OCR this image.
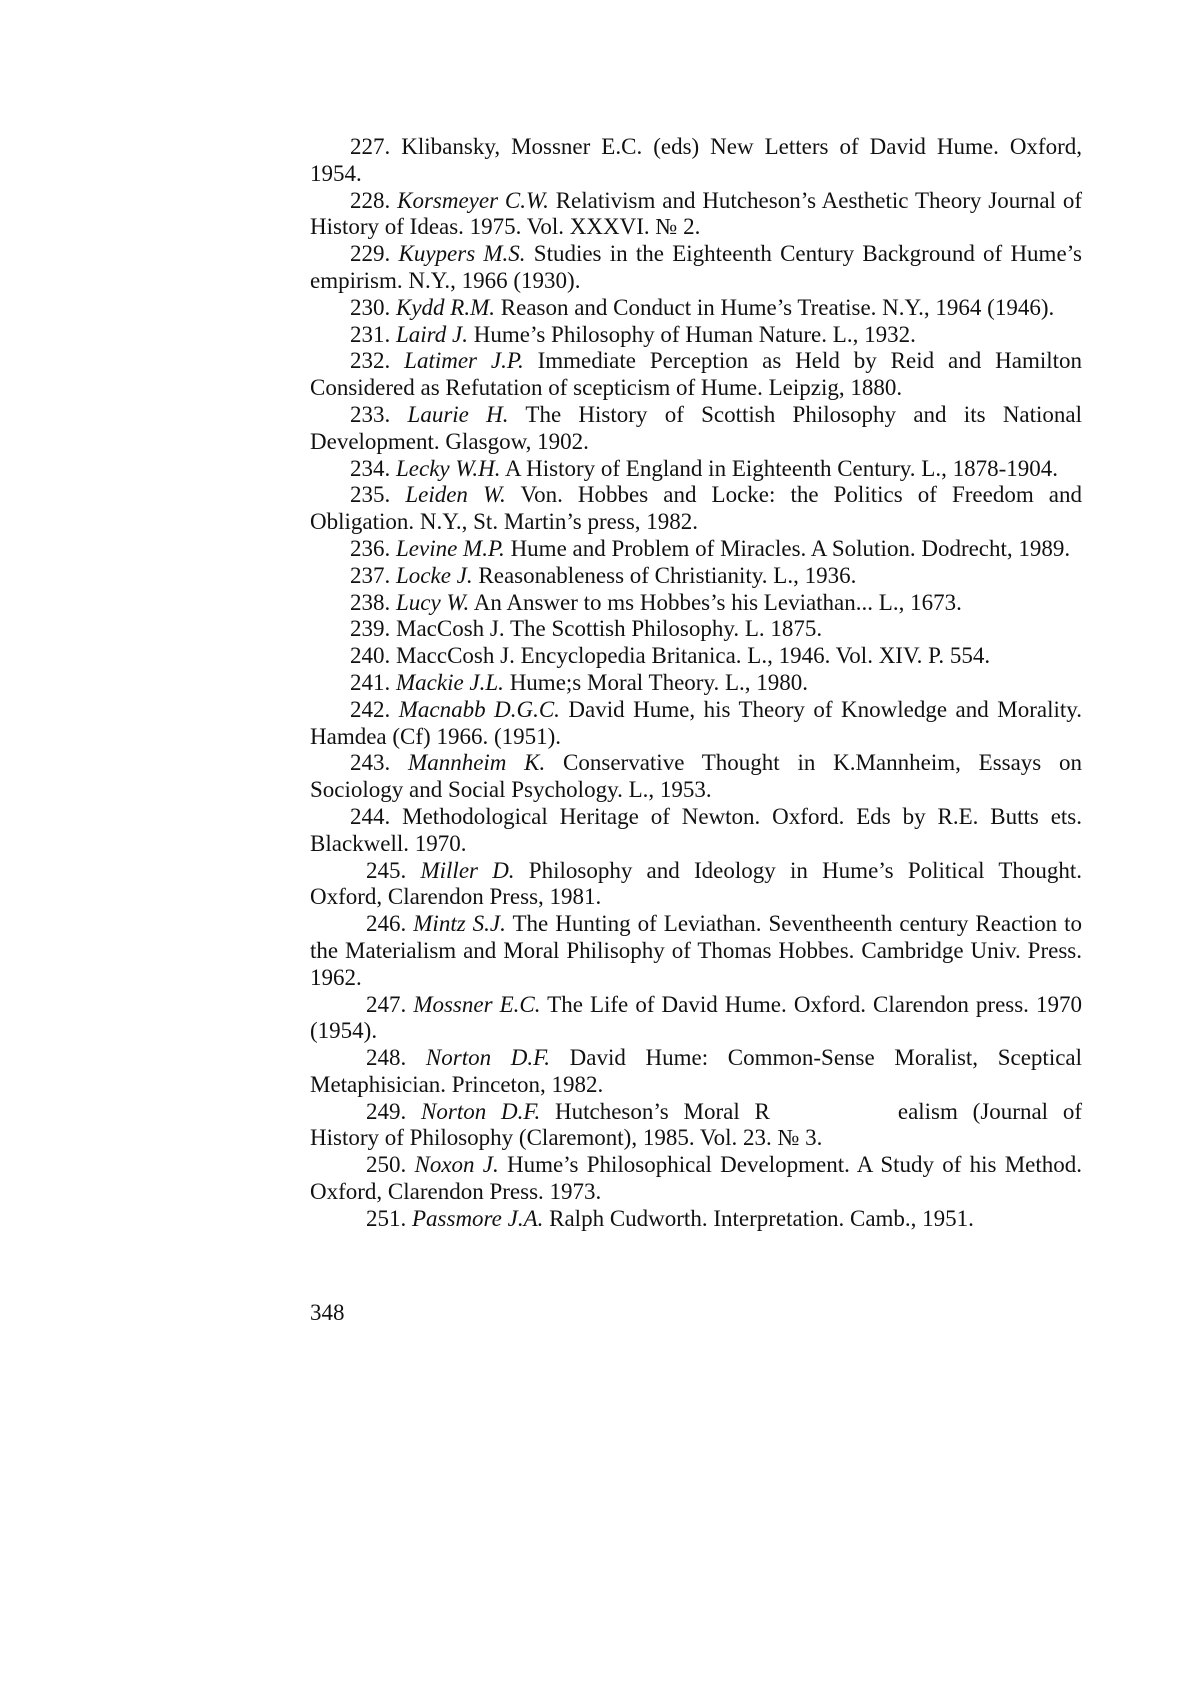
227. Klibansky, Mossner E.C. (eds) New Letters of David Hume. Oxford, 1954.

228. Korsmeyer C.W. Relativism and Hutcheson’s Aesthetic Theory Journal of History of Ideas. 1975. Vol. XXXVI. № 2.

229. Kuypers M.S. Studies in the Eighteenth Century Background of Hume’s empirism. N.Y., 1966 (1930).

230. Kydd R.M. Reason and Conduct in Hume’s Treatise. N.Y., 1964 (1946).

231. Laird J. Hume’s Philosophy of Human Nature. L., 1932.

232. Latimer J.P. Immediate Perception as Held by Reid and Hamilton Considered as Refutation of scepticism of Hume. Leipzig, 1880.

233. Laurie H. The History of Scottish Philosophy and its National Development. Glasgow, 1902.

234. Lecky W.H. A History of England in Eighteenth Century. L., 1878-1904.

235. Leiden W. Von. Hobbes and Locke: the Politics of Freedom and Obligation. N.Y., St. Martin’s press, 1982.

236. Levine M.P. Hume and Problem of Miracles. A Solution. Dodrecht, 1989.

237. Locke J. Reasonableness of Christianity. L., 1936.

238. Lucy W. An Answer to ms Hobbes’s his Leviathan... L., 1673.

239. MacCosh J. The Scottish Philosophy. L. 1875.

240. MaccCosh J. Encyclopedia Britanica. L., 1946. Vol. XIV. P. 554.

241. Mackie J.L. Hume;s Moral Theory. L., 1980.

242. Macnabb D.G.C. David Hume, his Theory of Knowledge and Morality. Hamdea (Cf) 1966. (1951).

243. Mannheim K. Conservative Thought in K.Mannheim, Essays on Sociology and Social Psychology. L., 1953.

244. Methodological Heritage of Newton. Oxford. Eds by R.E. Butts ets. Blackwell. 1970.

245. Miller D. Philosophy and Ideology in Hume’s Political Thought. Oxford, Clarendon Press, 1981.

246. Mintz S.J. The Hunting of Leviathan. Seventheenth century Reaction to the Materialism and Moral Philisophy of Thomas Hobbes. Cambridge Univ. Press. 1962.

247. Mossner E.C. The Life of David Hume. Oxford. Clarendon press. 1970 (1954).

248. Norton D.F. David Hume: Common-Sense Moralist, Sceptical Metaphisician. Princeton, 1982.

249. Norton D.F. Hutcheson’s Moral R	ealism (Journal of History of Philosophy (Claremont), 1985. Vol. 23. № 3.

250. Noxon J. Hume’s Philosophical Development. A Study of his Method. Oxford, Clarendon Press. 1973.

251. Passmore J.A. Ralph Cudworth. Interpretation. Camb., 1951.

348
